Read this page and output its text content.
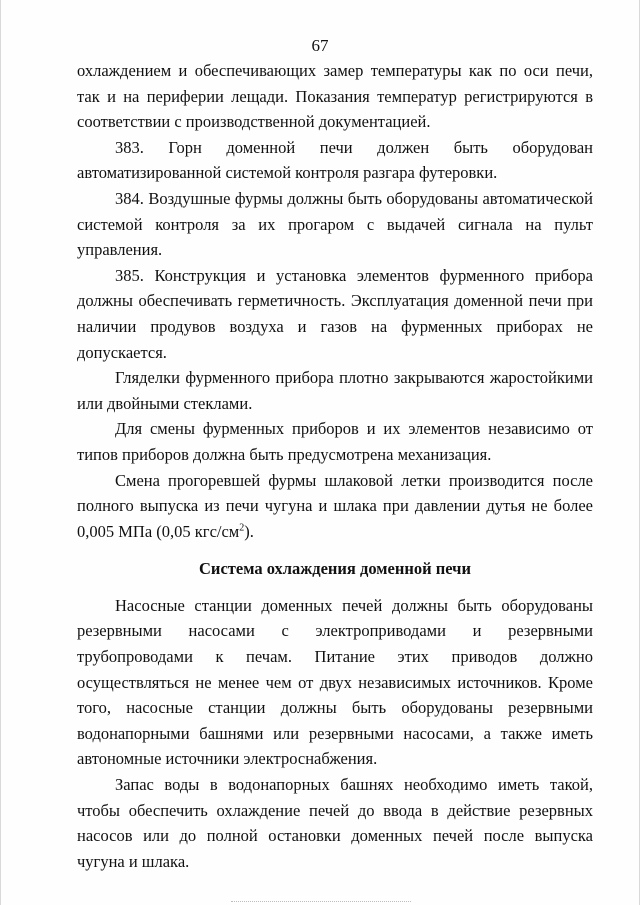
67

охлаждением и обеспечивающих замер температуры как по оси печи, так и на периферии лещади. Показания температур регистрируются в соответствии с производственной документацией.

383. Горн доменной печи должен быть оборудован автоматизированной системой контроля разгара футеровки.

384. Воздушные фурмы должны быть оборудованы автоматической системой контроля за их прогаром с выдачей сигнала на пульт управления.

385. Конструкция и установка элементов фурменного прибора должны обеспечивать герметичность. Эксплуатация доменной печи при наличии продувов воздуха и газов на фурменных приборах не допускается.

Гляделки фурменного прибора плотно закрываются жаростойкими или двойными стеклами.

Для смены фурменных приборов и их элементов независимо от типов приборов должна быть предусмотрена механизация.

Смена прогоревшей фурмы шлаковой летки производится после полного выпуска из печи чугуна и шлака при давлении дутья не более 0,005 МПа (0,05 кгс/$см^2$).

Система охлаждения доменной печи

Насосные станции доменных печей должны быть оборудованы резервными насосами с электроприводами и резервными трубопроводами к печам. Питание этих приводов должно осуществляться не менее чем от двух независимых источников. Кроме того, насосные станции должны быть оборудованы резервными водонапорными башнями или резервными насосами, а также иметь автономные источники электроснабжения.

Запас воды в водонапорных башнях необходимо иметь такой, чтобы обеспечить охлаждение печей до ввода в действие резервных насосов или до полной остановки доменных печей после выпуска чугуна и шлака.
